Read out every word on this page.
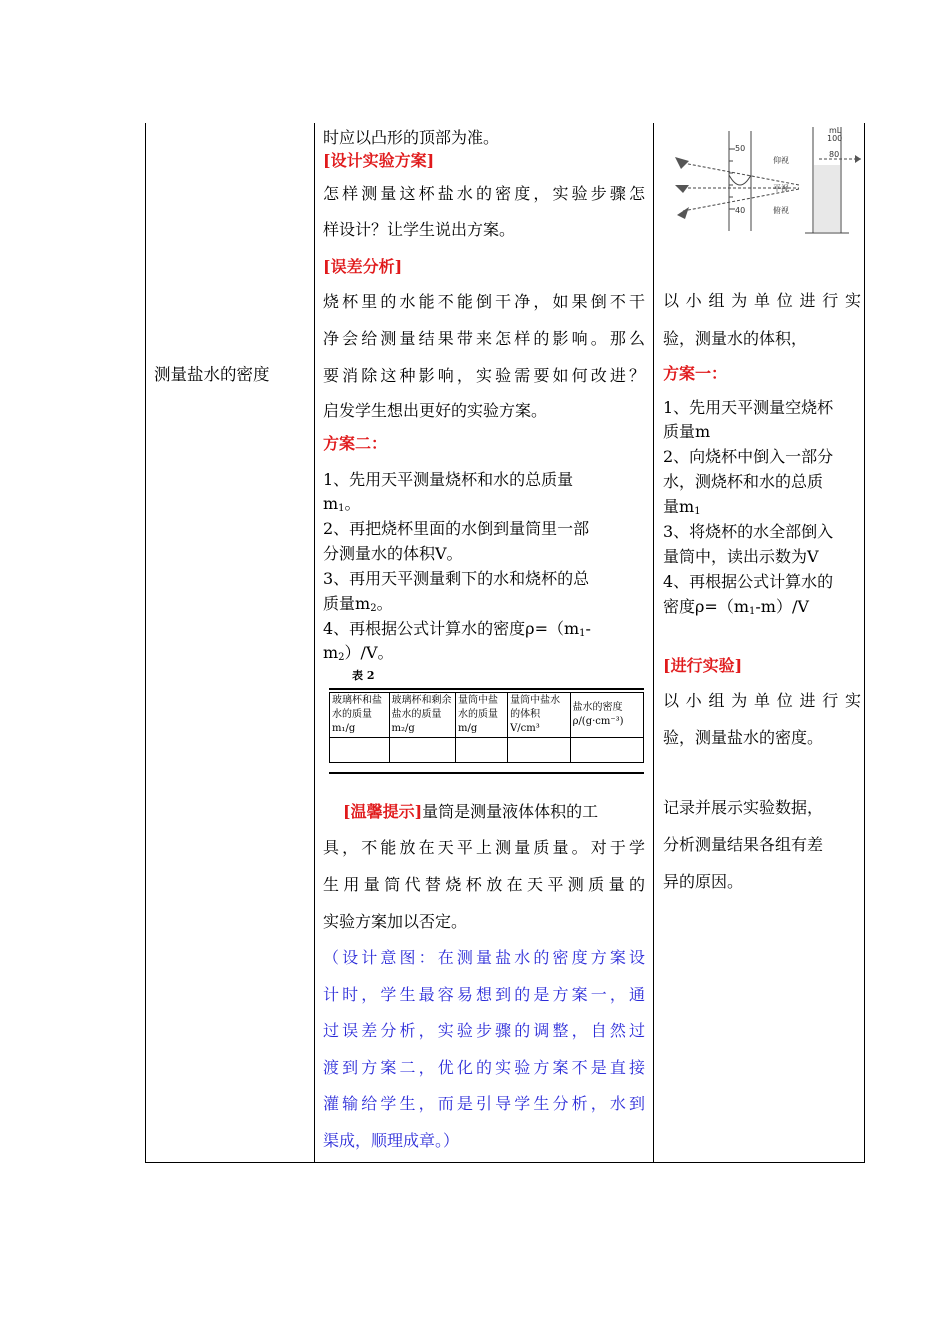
测量盐水的密度
时应以凸形的顶部为准。
[设计实验方案]
怎样测量这杯盐水的密度，实验步骤怎
样设计？让学生说出方案。
[误差分析]
烧杯里的水能不能倒干净，如果倒不干
净会给测量结果带来怎样的影响。那么
要消除这种影响，实验需要如何改进？
启发学生想出更好的实验方案。
方案二：
1、先用天平测量烧杯和水的总质量
$m_1$。
2、再把烧杯里面的水倒到量筒里一部
分测量水的体积V。
3、再用天平测量剩下的水和烧杯的总
质量$m_2$。
4、再根据公式计算水的密度$\rho=(m_1-$
$m_2)/V$。
表 2
玻璃杯和盐水的质量m₁/g	玻璃杯和剩余盐水的质量m₂/g	量筒中盐水的质量m/g	量筒中盐水的体积V/cm³	盐水的密度ρ/(g·cm⁻³)

[温馨提示]量筒是测量液体体积的工
具，不能放在天平上测量质量。对于学
生用量筒代替烧杯放在天平测质量的
实验方案加以否定。
（设计意图：在测量盐水的密度方案设
计时，学生最容易想到的是方案一，通
过误差分析，实验步骤的调整，自然过
渡到方案二，优化的实验方案不是直接
灌输给学生，而是引导学生分析，水到
渠成，顺理成章。）
50
40
仰视
平视
俯视
mL
100
80
以小组为单位进行实
验，测量水的体积，
方案一：
1、先用天平测量空烧杯
质量m
2、向烧杯中倒入一部分
水，测烧杯和水的总质
量$m_1$
3、将烧杯的水全部倒入
量筒中，读出示数为V
4、再根据公式计算水的
密度$\rho=(m_1-m)/V$
[进行实验]
以小组为单位进行实
验，测量盐水的密度。
记录并展示实验数据，
分析测量结果各组有差
异的原因。
